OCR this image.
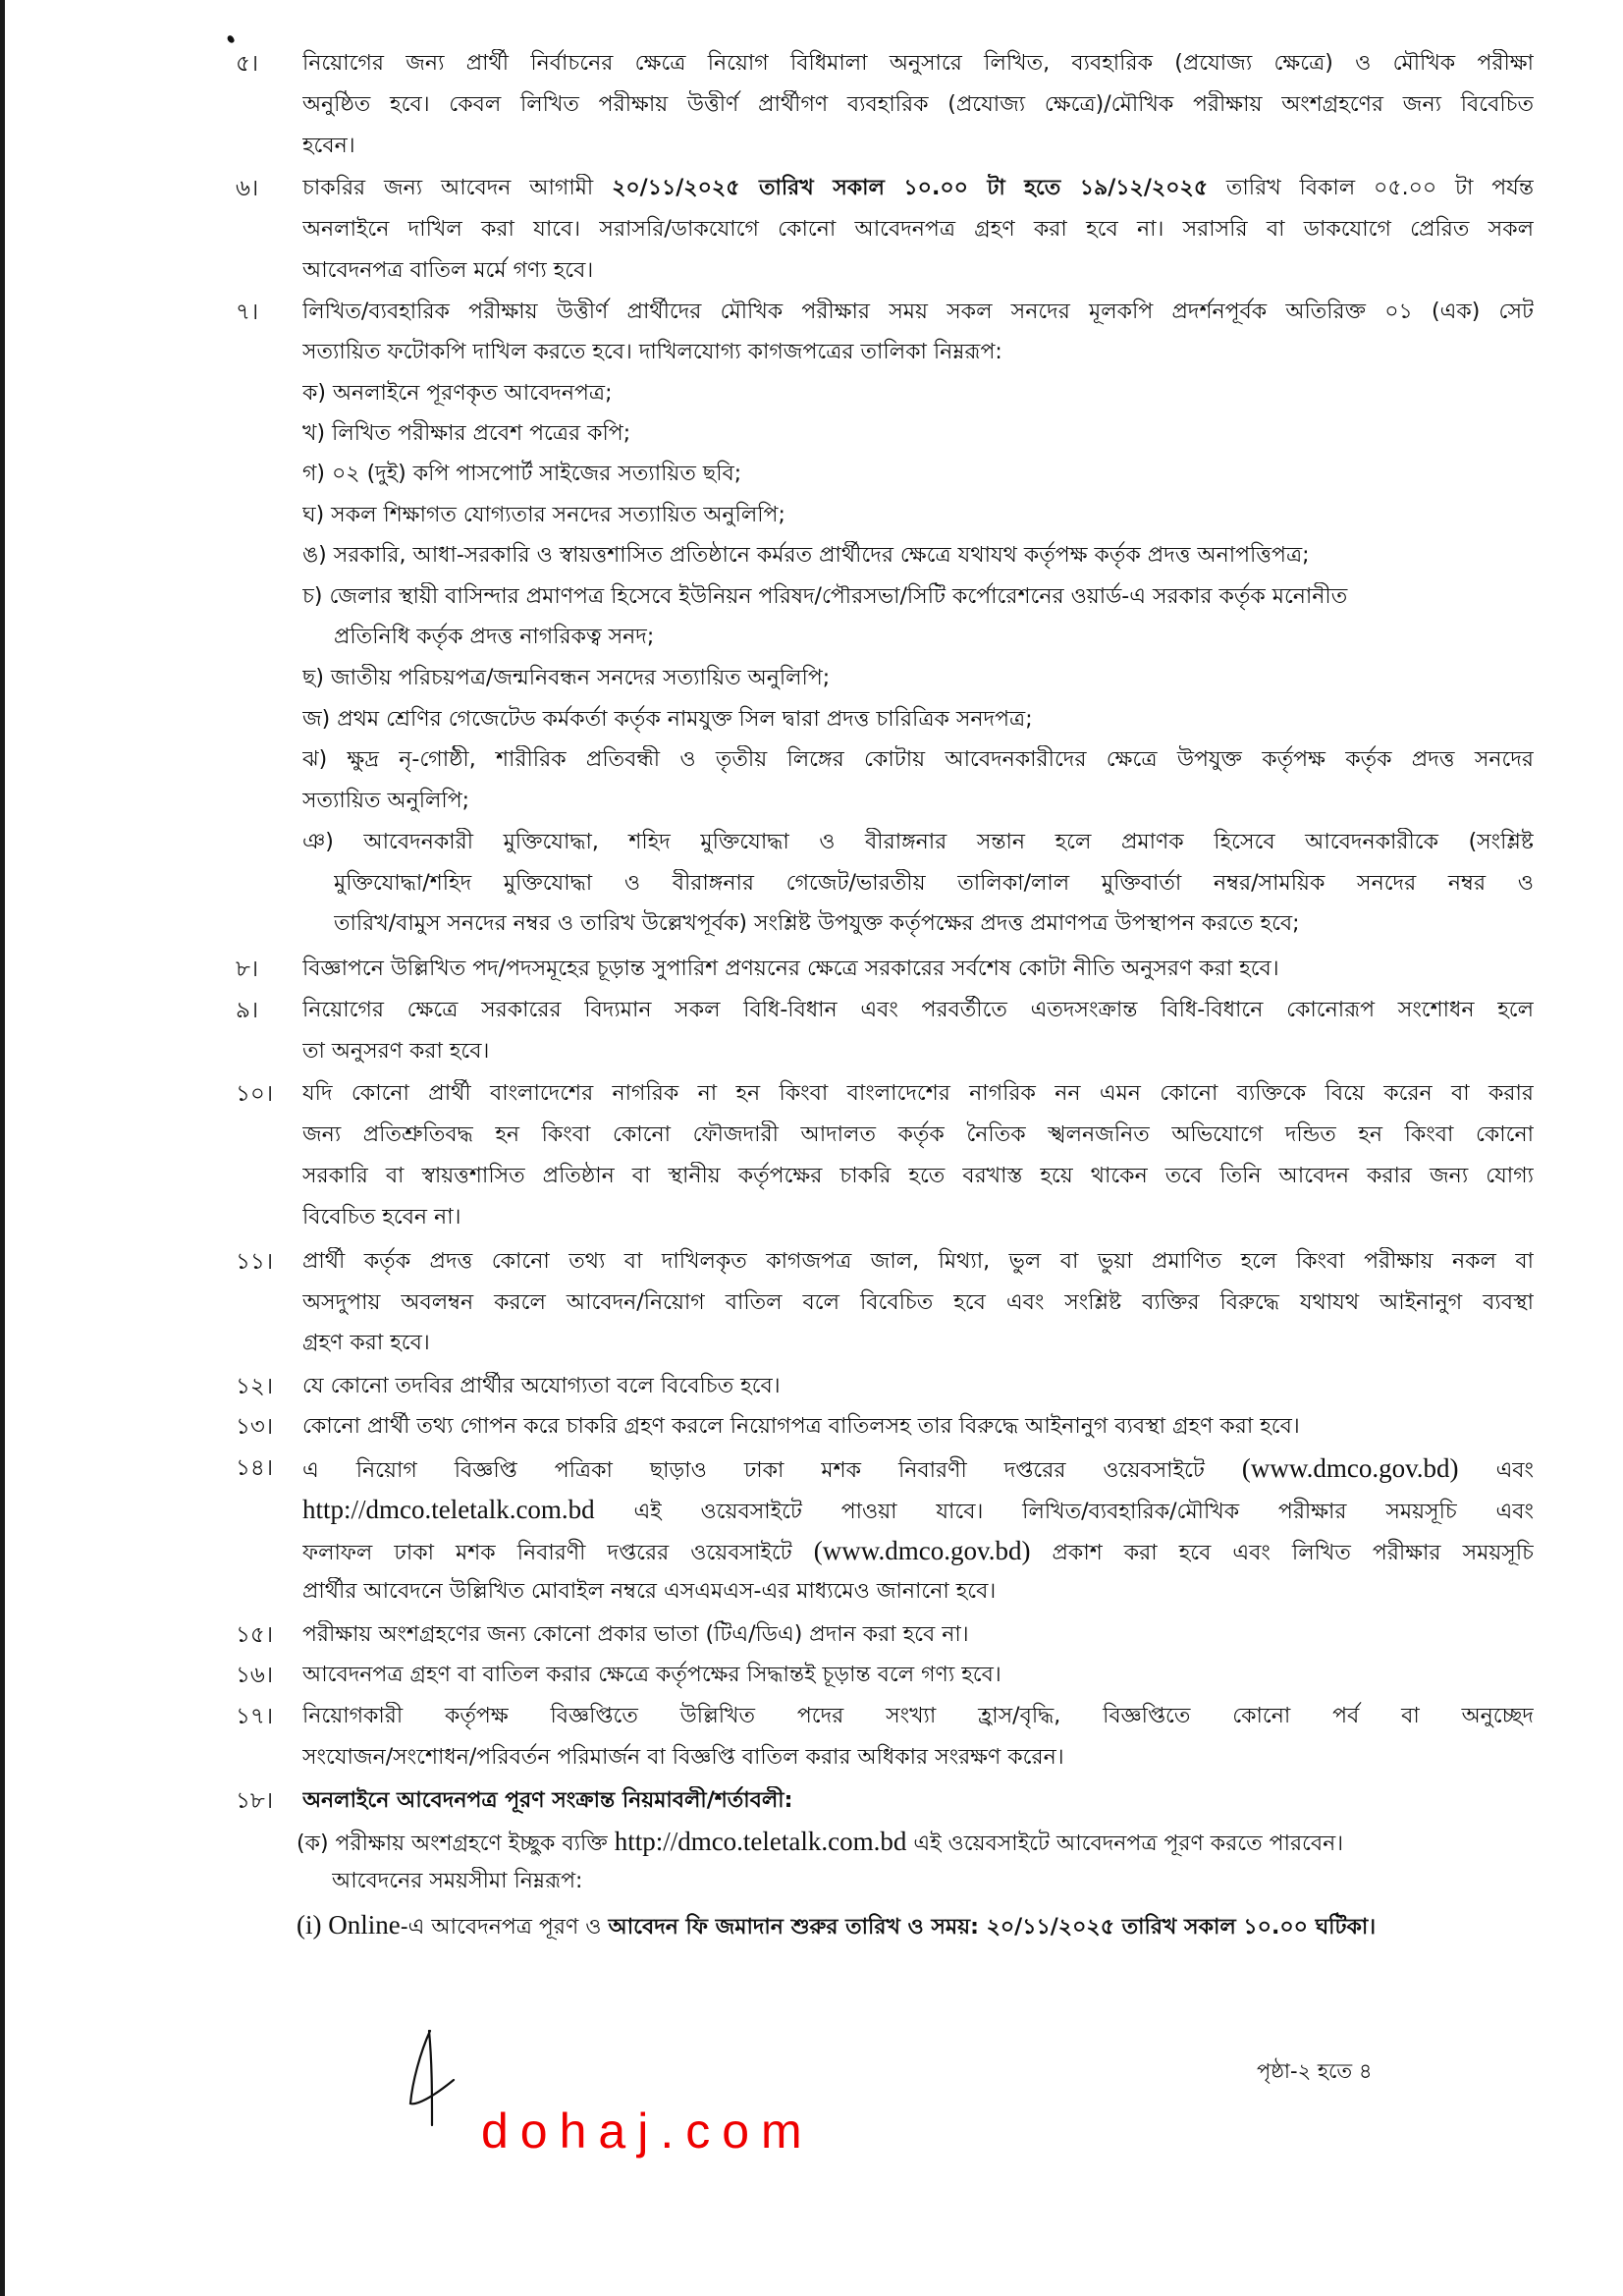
৫। নিয়োগের জন্য প্রার্থী নির্বাচনের ক্ষেত্রে নিয়োগ বিধিমালা অনুসারে লিখিত, ব্যবহারিক (প্রযোজ্য ক্ষেত্রে) ও মৌখিক পরীক্ষা
অনুষ্ঠিত হবে। কেবল লিখিত পরীক্ষায় উত্তীর্ণ প্রার্থীগণ ব্যবহারিক (প্রযোজ্য ক্ষেত্রে)/মৌখিক পরীক্ষায় অংশগ্রহণের জন্য বিবেচিত
হবেন।
৬। চাকরির জন্য আবেদন আগামী ২০/১১/২০২৫ তারিখ সকাল ১০.০০ টা হতে ১৯/১২/২০২৫ তারিখ বিকাল ০৫.০০ টা পর্যন্ত
অনলাইনে দাখিল করা যাবে। সরাসরি/ডাকযোগে কোনো আবেদনপত্র গ্রহণ করা হবে না। সরাসরি বা ডাকযোগে প্রেরিত সকল
আবেদনপত্র বাতিল মর্মে গণ্য হবে।
৭। লিখিত/ব্যবহারিক পরীক্ষায় উত্তীর্ণ প্রার্থীদের মৌখিক পরীক্ষার সময় সকল সনদের মূলকপি প্রদর্শনপূর্বক অতিরিক্ত ০১ (এক) সেট
সত্যায়িত ফটোকপি দাখিল করতে হবে। দাখিলযোগ্য কাগজপত্রের তালিকা নিম্নরূপ:
ক) অনলাইনে পূরণকৃত আবেদনপত্র;
খ) লিখিত পরীক্ষার প্রবেশ পত্রের কপি;
গ) ০২ (দুই) কপি পাসপোর্ট সাইজের সত্যায়িত ছবি;
ঘ) সকল শিক্ষাগত যোগ্যতার সনদের সত্যায়িত অনুলিপি;
ঙ) সরকারি, আধা-সরকারি ও স্বায়ত্তশাসিত প্রতিষ্ঠানে কর্মরত প্রার্থীদের ক্ষেত্রে যথাযথ কর্তৃপক্ষ কর্তৃক প্রদত্ত অনাপত্তিপত্র;
চ) জেলার স্থায়ী বাসিন্দার প্রমাণপত্র হিসেবে ইউনিয়ন পরিষদ/পৌরসভা/সিটি কর্পোরেশনের ওয়ার্ড-এ সরকার কর্তৃক মনোনীত
প্রতিনিধি কর্তৃক প্রদত্ত নাগরিকত্ব সনদ;
ছ) জাতীয় পরিচয়পত্র/জন্মনিবন্ধন সনদের সত্যায়িত অনুলিপি;
জ) প্রথম শ্রেণির গেজেটেড কর্মকর্তা কর্তৃক নামযুক্ত সিল দ্বারা প্রদত্ত চারিত্রিক সনদপত্র;
ঝ) ক্ষুদ্র নৃ-গোষ্ঠী, শারীরিক প্রতিবন্ধী ও তৃতীয় লিঙ্গের কোটায় আবেদনকারীদের ক্ষেত্রে উপযুক্ত কর্তৃপক্ষ কর্তৃক প্রদত্ত সনদের
সত্যায়িত অনুলিপি;
ঞ) আবেদনকারী মুক্তিযোদ্ধা, শহিদ মুক্তিযোদ্ধা ও বীরাঙ্গনার সন্তান হলে প্রমাণক হিসেবে আবেদনকারীকে (সংশ্লিষ্ট
মুক্তিযোদ্ধা/শহিদ মুক্তিযোদ্ধা ও বীরাঙ্গনার গেজেট/ভারতীয় তালিকা/লাল মুক্তিবার্তা নম্বর/সাময়িক সনদের নম্বর ও
তারিখ/বামুস সনদের নম্বর ও তারিখ উল্লেখপূর্বক) সংশ্লিষ্ট উপযুক্ত কর্তৃপক্ষের প্রদত্ত প্রমাণপত্র উপস্থাপন করতে হবে;
৮। বিজ্ঞাপনে উল্লিখিত পদ/পদসমূহের চূড়ান্ত সুপারিশ প্রণয়নের ক্ষেত্রে সরকারের সর্বশেষ কোটা নীতি অনুসরণ করা হবে।
৯। নিয়োগের ক্ষেত্রে সরকারের বিদ্যমান সকল বিধি-বিধান এবং পরবর্তীতে এতদসংক্রান্ত বিধি-বিধানে কোনোরূপ সংশোধন হলে
তা অনুসরণ করা হবে।
১০। যদি কোনো প্রার্থী বাংলাদেশের নাগরিক না হন কিংবা বাংলাদেশের নাগরিক নন এমন কোনো ব্যক্তিকে বিয়ে করেন বা করার
জন্য প্রতিশ্রুতিবদ্ধ হন কিংবা কোনো ফৌজদারী আদালত কর্তৃক নৈতিক স্খলনজনিত অভিযোগে দন্ডিত হন কিংবা কোনো
সরকারি বা স্বায়ত্তশাসিত প্রতিষ্ঠান বা স্থানীয় কর্তৃপক্ষের চাকরি হতে বরখাস্ত হয়ে থাকেন তবে তিনি আবেদন করার জন্য যোগ্য
বিবেচিত হবেন না।
১১। প্রার্থী কর্তৃক প্রদত্ত কোনো তথ্য বা দাখিলকৃত কাগজপত্র জাল, মিথ্যা, ভুল বা ভুয়া প্রমাণিত হলে কিংবা পরীক্ষায় নকল বা
অসদুপায় অবলম্বন করলে আবেদন/নিয়োগ বাতিল বলে বিবেচিত হবে এবং সংশ্লিষ্ট ব্যক্তির বিরুদ্ধে যথাযথ আইনানুগ ব্যবস্থা
গ্রহণ করা হবে।
১২। যে কোনো তদবির প্রার্থীর অযোগ্যতা বলে বিবেচিত হবে।
১৩। কোনো প্রার্থী তথ্য গোপন করে চাকরি গ্রহণ করলে নিয়োগপত্র বাতিলসহ তার বিরুদ্ধে আইনানুগ ব্যবস্থা গ্রহণ করা হবে।
১৪। এ নিয়োগ বিজ্ঞপ্তি পত্রিকা ছাড়াও ঢাকা মশক নিবারণী দপ্তরের ওয়েবসাইটে (www.dmco.gov.bd) এবং
http://dmco.teletalk.com.bd এই ওয়েবসাইটে পাওয়া যাবে। লিখিত/ব্যবহারিক/মৌখিক পরীক্ষার সময়সূচি এবং
ফলাফল ঢাকা মশক নিবারণী দপ্তরের ওয়েবসাইটে (www.dmco.gov.bd) প্রকাশ করা হবে এবং লিখিত পরীক্ষার সময়সূচি
প্রার্থীর আবেদনে উল্লিখিত মোবাইল নম্বরে এসএমএস-এর মাধ্যমেও জানানো হবে।
১৫। পরীক্ষায় অংশগ্রহণের জন্য কোনো প্রকার ভাতা (টিএ/ডিএ) প্রদান করা হবে না।
১৬। আবেদনপত্র গ্রহণ বা বাতিল করার ক্ষেত্রে কর্তৃপক্ষের সিদ্ধান্তই চূড়ান্ত বলে গণ্য হবে।
১৭। নিয়োগকারী কর্তৃপক্ষ বিজ্ঞপ্তিতে উল্লিখিত পদের সংখ্যা হ্রাস/বৃদ্ধি, বিজ্ঞপ্তিতে কোনো পর্ব বা অনুচ্ছেদ
সংযোজন/সংশোধন/পরিবর্তন পরিমার্জন বা বিজ্ঞপ্তি বাতিল করার অধিকার সংরক্ষণ করেন।
১৮। অনলাইনে আবেদনপত্র পূরণ সংক্রান্ত নিয়মাবলী/শর্তাবলী:
(ক) পরীক্ষায় অংশগ্রহণে ইচ্ছুক ব্যক্তি http://dmco.teletalk.com.bd এই ওয়েবসাইটে আবেদনপত্র পূরণ করতে পারবেন।
আবেদনের সময়সীমা নিম্নরূপ:
(i) Online-এ আবেদনপত্র পূরণ ও আবেদন ফি জমাদান শুরুর তারিখ ও সময়: ২০/১১/২০২৫ তারিখ সকাল ১০.০০ ঘটিকা।
পৃষ্ঠা-২ হতে ৪
dohaj.com
